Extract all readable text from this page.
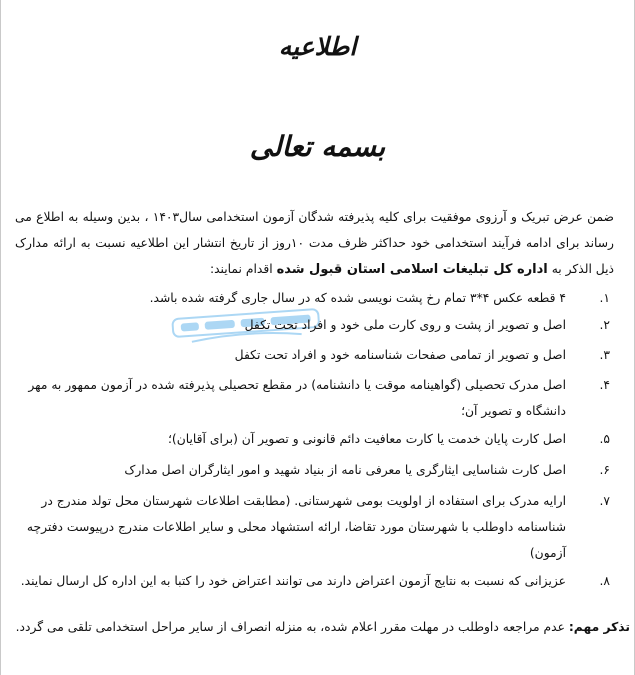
اطلاعیه
بسمه تعالی
ضمن عرض تبریک و آرزوی موفقیت برای کلیه پذیرفته شدگان آزمون استخدامی سال۱۴۰۳ ، بدین وسیله به اطلاع می رساند برای ادامه فرآیند استخدامی خود حداکثر ظرف مدت ۱۰روز از تاریخ انتشار این اطلاعیه نسبت به ارائه مدارک ذیل الذکر به اداره کل تبلیغات اسلامی استان قبول شده اقدام نمایند:
۱.
۴ قطعه عکس ۴*۳ تمام رخ پشت نویسی شده که در سال جاری گرفته شده باشد.
۲.
اصل و تصویر از پشت و روی کارت ملی خود و افراد تحت تکفل
۳.
اصل و تصویر از تمامی صفحات شناسنامه خود و افراد تحت تکفل
۴.
اصل مدرک تحصیلی (گواهینامه موقت یا دانشنامه) در مقطع تحصیلی پذیرفته شده در آزمون ممهور به مهر دانشگاه و تصویر آن؛
۵.
اصل کارت پایان خدمت یا کارت معافیت دائم قانونی و تصویر آن (برای آقایان)؛
۶.
اصل کارت شناسایی ایثارگری یا معرفی نامه از بنیاد شهید و امور ایثارگران اصل مدارک
۷.
ارایه مدرک برای استفاده از اولویت بومی شهرستانی. (مطابقت اطلاعات شهرستان محل تولد مندرج در شناسنامه داوطلب با شهرستان مورد تقاضا، ارائه استشهاد محلی و سایر اطلاعات مندرج درپیوست دفترچه آزمون)
۸.
عزیزانی که نسبت به نتایج آزمون اعتراض دارند می توانند اعتراض خود را کتبا به این اداره کل ارسال نمایند.
تذکر مهم: عدم مراجعه داوطلب در مهلت مقرر اعلام شده، به منزله انصراف از سایر مراحل استخدامی تلقی می گردد.
